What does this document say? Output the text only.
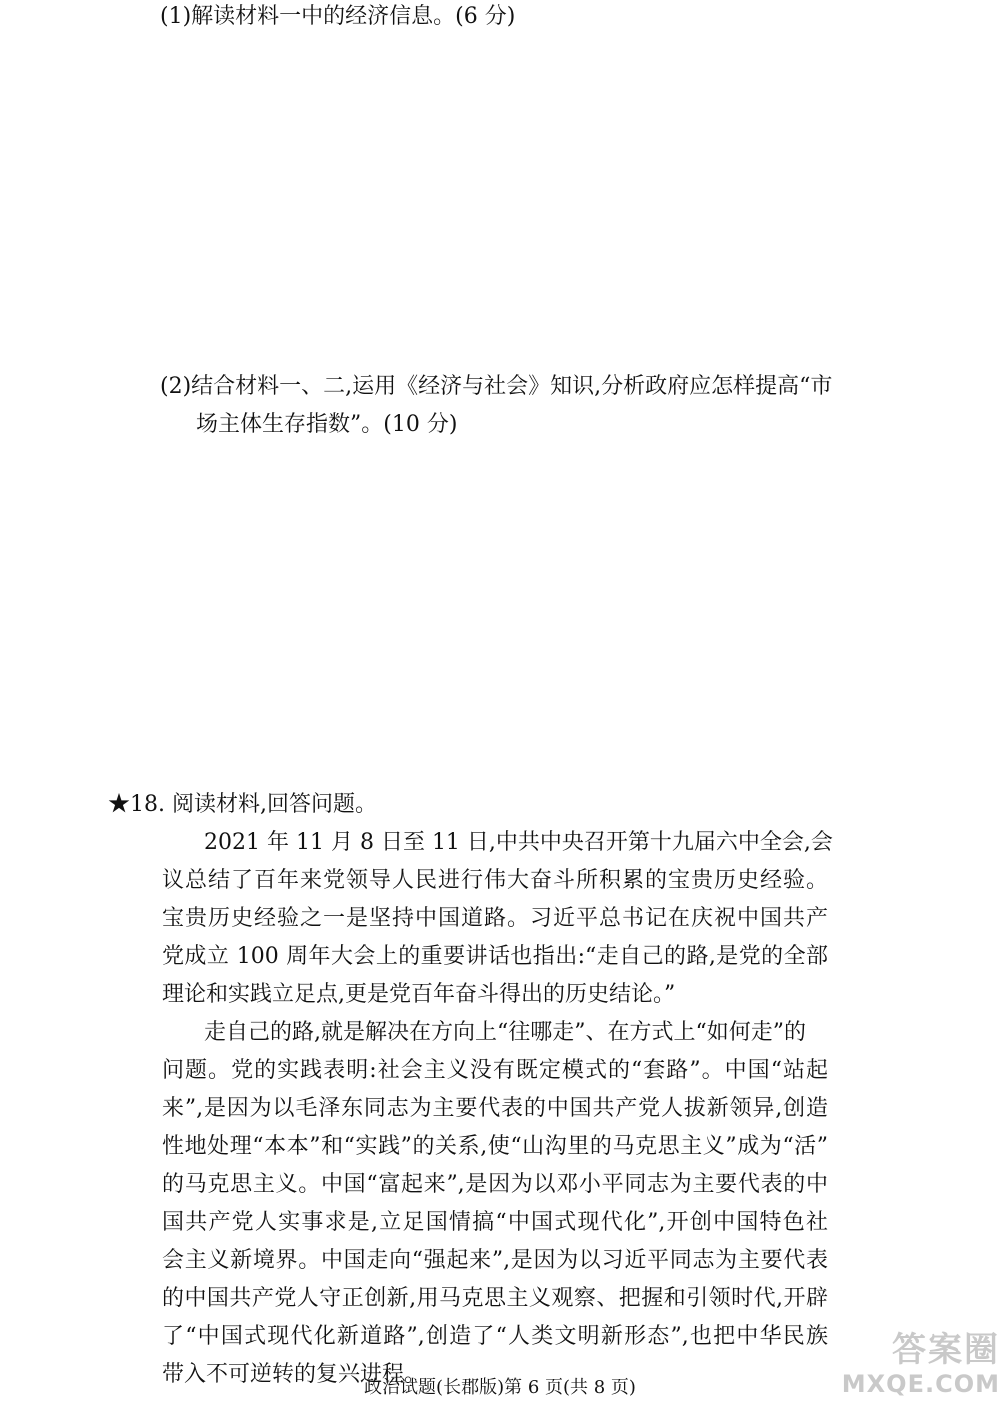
(1)解读材料一中的经济信息。(6 分)

(2)结合材料一、二,运用《经济与社会》知识,分析政府应怎样提高“市

场主体生存指数”。(10 分)

★18. 阅读材料,回答问题。

2021 年 11 月 8 日至 11 日,中共中央召开第十九届六中全会,会

议总结了百年来党领导人民进行伟大奋斗所积累的宝贵历史经验。

宝贵历史经验之一是坚持中国道路。习近平总书记在庆祝中国共产

党成立 100 周年大会上的重要讲话也指出:“走自己的路,是党的全部

理论和实践立足点,更是党百年奋斗得出的历史结论。”

走自己的路,就是解决在方向上“往哪走”、在方式上“如何走”的

问题。党的实践表明:社会主义没有既定模式的“套路”。中国“站起

来”,是因为以毛泽东同志为主要代表的中国共产党人拔新领异,创造

性地处理“本本”和“实践”的关系,使“山沟里的马克思主义”成为“活”

的马克思主义。中国“富起来”,是因为以邓小平同志为主要代表的中

国共产党人实事求是,立足国情搞“中国式现代化”,开创中国特色社

会主义新境界。中国走向“强起来”,是因为以习近平同志为主要代表

的中国共产党人守正创新,用马克思主义观察、把握和引领时代,开辟

了“中国式现代化新道路”,创造了“人类文明新形态”,也把中华民族

带入不可逆转的复兴进程。

答案圈
MXQE.COM
政治试题(长郡版)第 6 页(共 8 页)
